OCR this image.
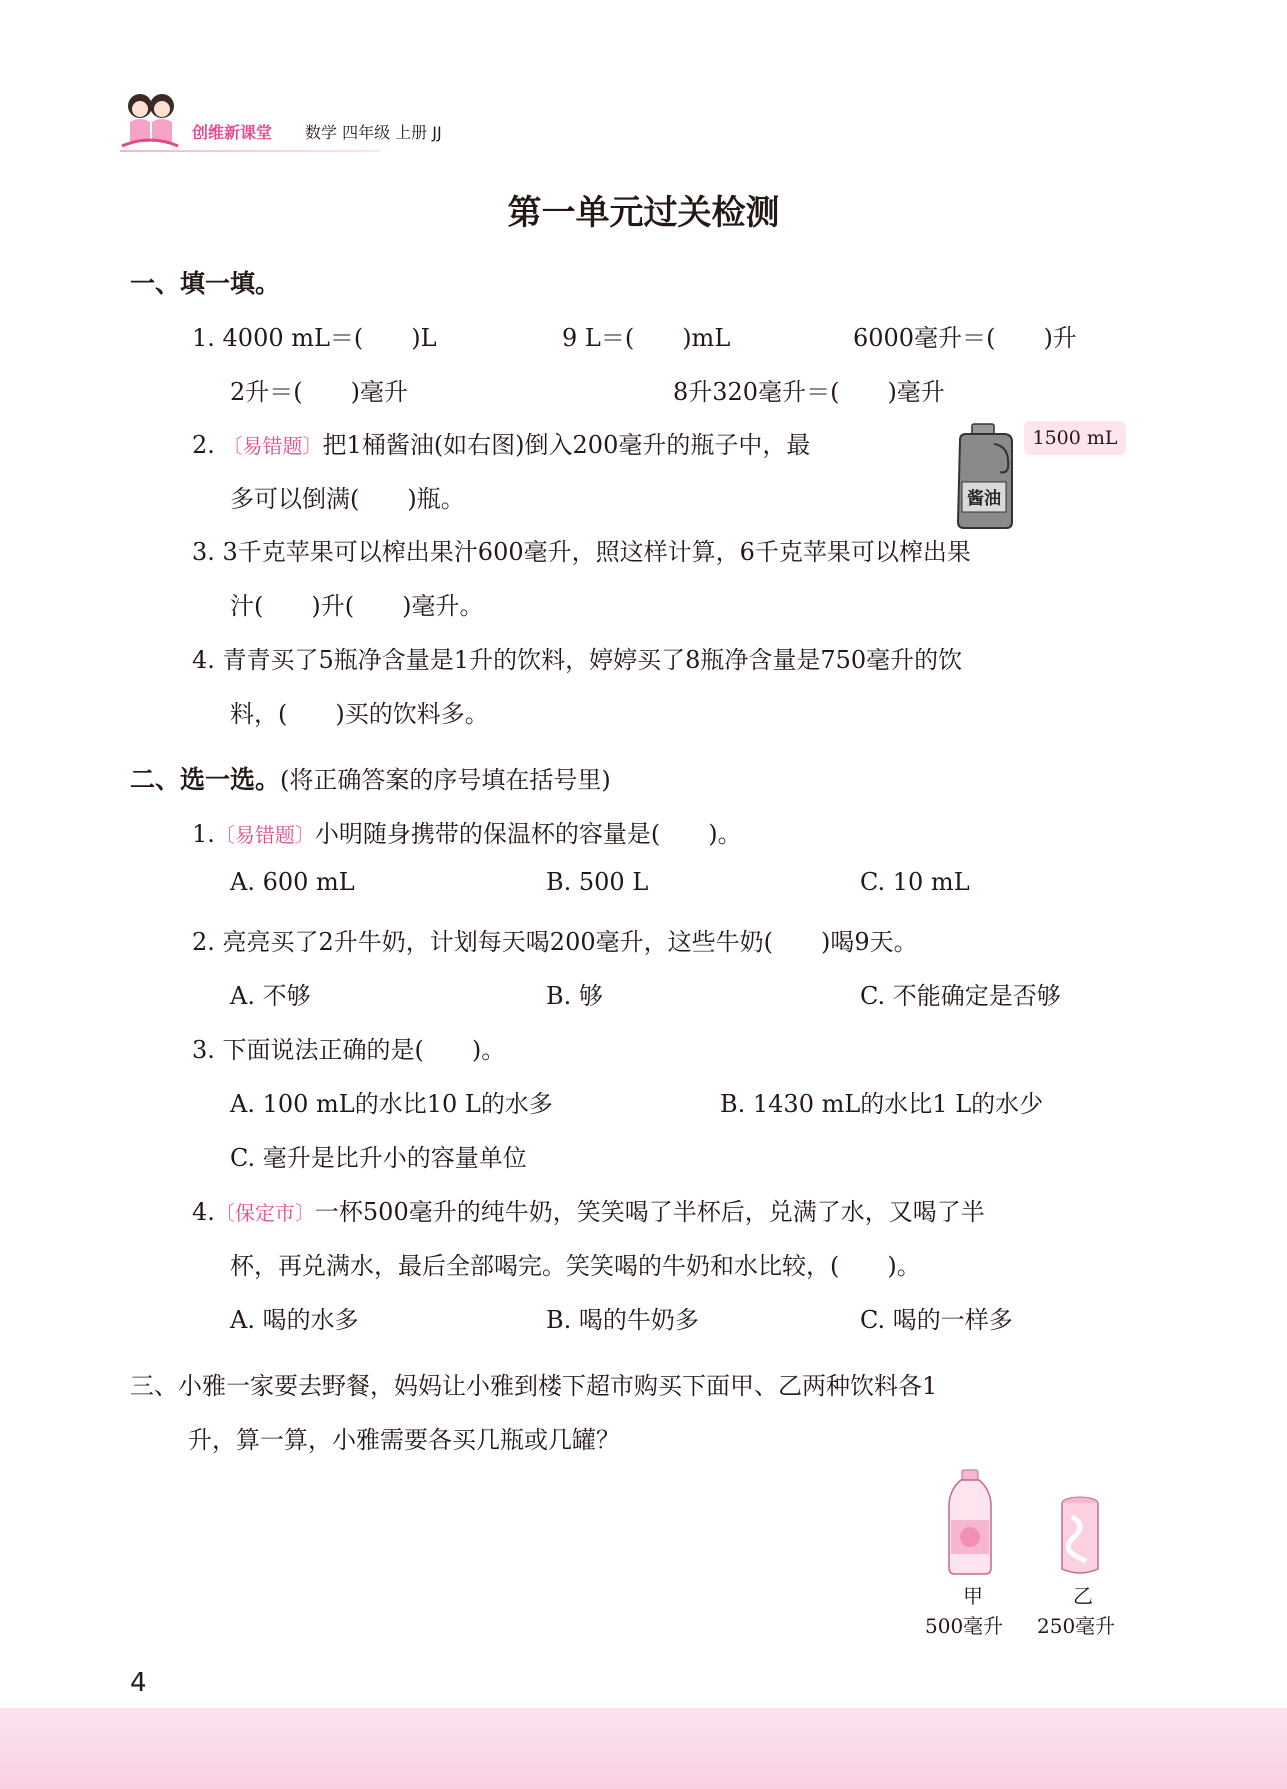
创维新课堂 数学 四年级 上册 JJ
第一单元过关检测
一、填一填。
1. 4000 mL＝(　　)L	9 L＝(　　)mL	6000毫升＝(　　)升
2升＝(　　)毫升	8升320毫升＝(　　)毫升
2. 〔易错题〕把1桶酱油(如右图)倒入200毫升的瓶子中，最
多可以倒满(　　)瓶。	酱油
1500 mL
3. 3千克苹果可以榨出果汁600毫升，照这样计算，6千克苹果可以榨出果
汁(　　)升(　　)毫升。
4. 青青买了5瓶净含量是1升的饮料，婷婷买了8瓶净含量是750毫升的饮
料，(　　)买的饮料多。
二、选一选。(将正确答案的序号填在括号里)
1.〔易错题〕小明随身携带的保温杯的容量是(　　)。
A. 600 mL	B. 500 L	C. 10 mL
2. 亮亮买了2升牛奶，计划每天喝200毫升，这些牛奶(　　)喝9天。
A. 不够	B. 够	C. 不能确定是否够
3. 下面说法正确的是(　　)。
A. 100 mL的水比10 L的水多	B. 1430 mL的水比1 L的水少
C. 毫升是比升小的容量单位
4.〔保定市〕一杯500毫升的纯牛奶，笑笑喝了半杯后，兑满了水，又喝了半
杯，再兑满水，最后全部喝完。笑笑喝的牛奶和水比较，(　　)。
A. 喝的水多	B. 喝的牛奶多	C. 喝的一样多
三、小雅一家要去野餐，妈妈让小雅到楼下超市购买下面甲、乙两种饮料各1
升，算一算，小雅需要各买几瓶或几罐？
甲	乙
500毫升 250毫升
4
